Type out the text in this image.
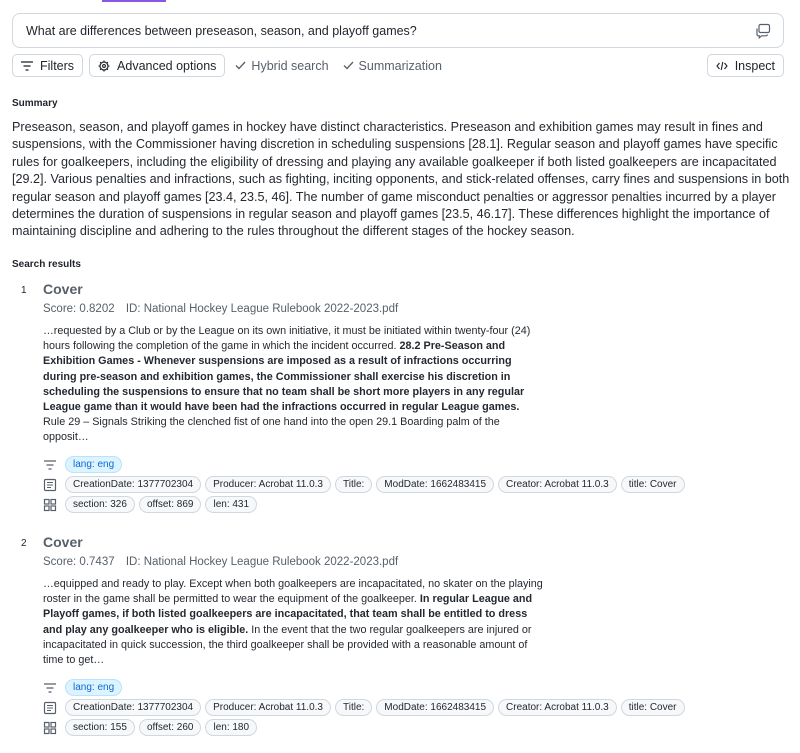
What are differences between preseason, season, and playoff games?
Filters	Advanced options	Hybrid search Summarization	Inspect
Summary
Preseason, season, and playoff games in hockey have distinct characteristics. Preseason and exhibition games may result in fines and suspensions, with the Commissioner having discretion in scheduling suspensions [28.1]. Regular season and playoff games have specific rules for goalkeepers, including the eligibility of dressing and playing any available goalkeeper if both listed goalkeepers are incapacitated [29.2]. Various penalties and infractions, such as fighting, inciting opponents, and stick-related offenses, carry fines and suspensions in both regular season and playoff games [23.4, 23.5, 46]. The number of game misconduct penalties or aggressor penalties incurred by a player determines the duration of suspensions in regular season and playoff games [23.5, 46.17]. These differences highlight the importance of maintaining discipline and adhering to the rules throughout the different stages of the hockey season.
Search results
1 Cover
Score: 0.8202 ID: National Hockey League Rulebook 2022-2023.pdf
…requested by a Club or by the League on its own initiative, it must be initiated within twenty-four (24) hours following the completion of the game in which the incident occurred. 28.2 Pre-Season and Exhibition Games - Whenever suspensions are imposed as a result of infractions occurring during pre-season and exhibition games, the Commissioner shall exercise his discretion in scheduling the suspensions to ensure that no team shall be short more players in any regular League game than it would have been had the infractions occurred in regular League games. Rule 29 – Signals Striking the clenched fist of one hand into the open 29.1 Boarding palm of the opposit…
lang: eng
CreationDate: 1377702304	Producer: Acrobat 11.0.3	Title:	ModDate: 1662483415	Creator: Acrobat 11.0.3	title: Cover
section: 326	offset: 869	len: 431
2 Cover
Score: 0.7437 ID: National Hockey League Rulebook 2022-2023.pdf
…equipped and ready to play. Except when both goalkeepers are incapacitated, no skater on the playing roster in the game shall be permitted to wear the equipment of the goalkeeper. In regular League and Playoff games, if both listed goalkeepers are incapacitated, that team shall be entitled to dress and play any goalkeeper who is eligible. In the event that the two regular goalkeepers are injured or incapacitated in quick succession, the third goalkeeper shall be provided with a reasonable amount of time to get…
lang: eng
CreationDate: 1377702304	Producer: Acrobat 11.0.3	Title:	ModDate: 1662483415	Creator: Acrobat 11.0.3	title: Cover
section: 155	offset: 260	len: 180
